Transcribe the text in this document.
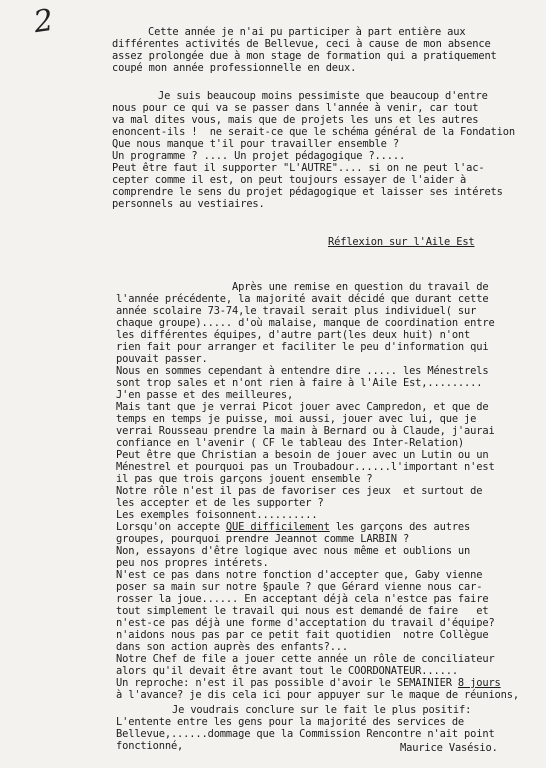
2	Cette année je n'ai pu participer à part entière aux
différentes activités de Bellevue, ceci à cause de mon absence
assez prolongée due à mon stage de formation qui a pratiquement
coupé mon année professionnelle en deux.
Je suis beaucoup moins pessimiste que beaucoup d'entre
nous pour ce qui va se passer dans l'année à venir, car tout
va mal dites vous, mais que de projets les uns et les autres
enoncent-ils !  ne serait-ce que le schéma général de la Fondation
Que nous manque t'il pour travailler ensemble ?
Un programme ? .... Un projet pédagogique ?.....
Peut être faut il supporter "L'AUTRE".... si on ne peut l'ac-
cepter comme il est, on peut toujours essayer de l'aider à
comprendre le sens du projet pédagogique et laisser ses intérets
personnels au vestiaires.
Réflexion sur l'Aile Est
Après une remise en question du travail de
l'année précédente, la majorité avait décidé que durant cette
année scolaire 73-74,le travail serait plus individuel( sur
chaque groupe)..... d'où malaise, manque de coordination entre
les différentes équipes, d'autre part(les deux huit) n'ont
rien fait pour arranger et faciliter le peu d'information qui
pouvait passer.
Nous en sommes cependant à entendre dire ..... les Ménestrels
sont trop sales et n'ont rien à faire à l'Aile Est,.........
J'en passe et des meilleures,
Mais tant que je verrai Picot jouer avec Campredon, et que de
temps en temps je puisse, moi aussi, jouer avec lui, que je
verrai Rousseau prendre la main à Bernard ou à Claude, j'aurai
confiance en l'avenir ( CF le tableau des Inter-Relation)
Peut être que Christian a besoin de jouer avec un Lutin ou un
Ménestrel et pourquoi pas un Troubadour......l'important n'est
il pas que trois garçons jouent ensemble ?
Notre rôle n'est il pas de favoriser ces jeux  et surtout de
les accepter et de les supporter ?
Les exemples foisonnent..........
Lorsqu'on accepte QUE difficilement les garçons des autres
groupes, pourquoi prendre Jeannot comme LARBIN ?
Non, essayons d'être logique avec nous même et oublions un
peu nos propres intérets.
N'est ce pas dans notre fonction d'accepter que, Gaby vienne
poser sa main sur notre §paule ? que Gérard vienne nous car-
rosser la joue...... En acceptant déjà cela n'estce pas faire
tout simplement le travail qui nous est demandé de faire   et
n'est-ce pas déjà une forme d'acceptation du travail d'équipe?
n'aidons nous pas par ce petit fait quotidien  notre Collègue
dans son action auprès des enfants?...
Notre Chef de file a jouer cette année un rôle de conciliateur
alors qu'il devait être avant tout le COORDONATEUR......
Un reproche: n'est il pas possible d'avoir le SEMAINIER 8 jours
à l'avance? je dis cela ici pour appuyer sur le maque de réunions,
Je voudrais conclure sur le fait le plus positif:
L'entente entre les gens pour la majorité des services de
Bellevue,......dommage que la Commission Rencontre n'ait point
fonctionné,	Maurice Vasésio.
